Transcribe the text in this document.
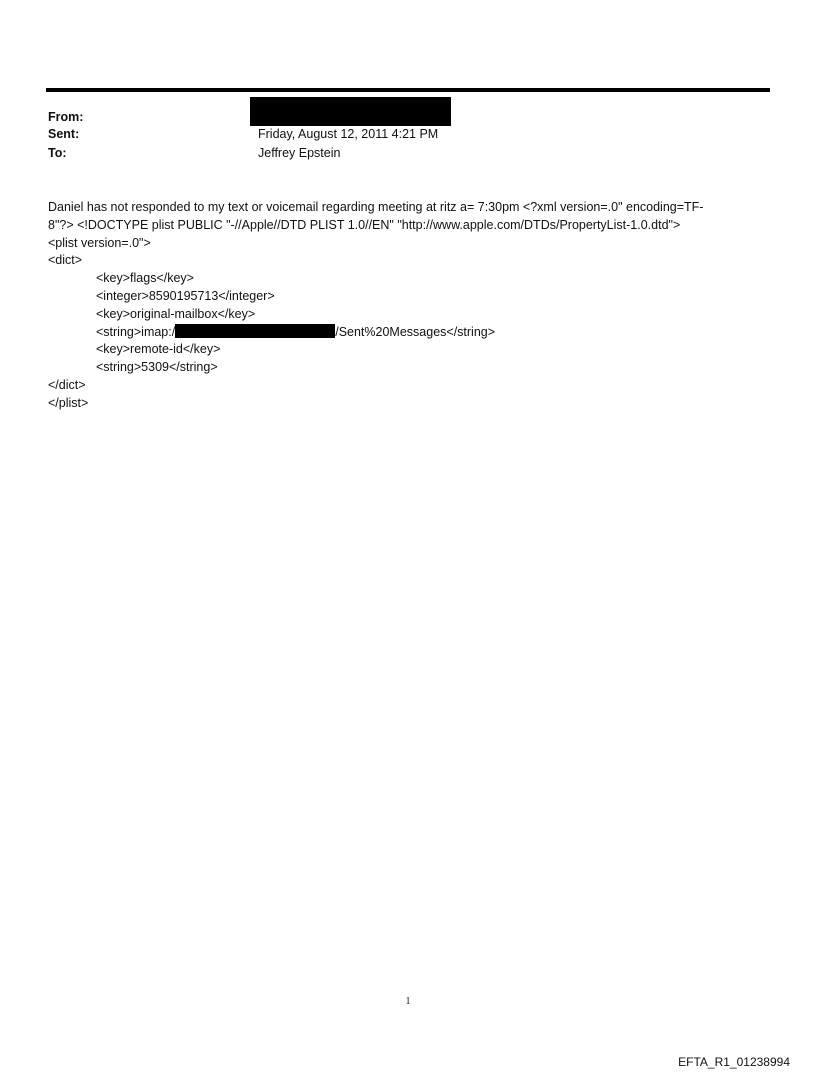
From:
Sent:	Friday, August 12, 2011 4:21 PM
To:	Jeffrey Epstein
Daniel has not responded to my text or voicemail regarding meeting at ritz a= 7:30pm <?xml version=.0" encoding=TF-
8"?> <!DOCTYPE plist PUBLIC "-//Apple//DTD PLIST 1.0//EN" "http://www.apple.com/DTDs/PropertyList-1.0.dtd">
<plist version=.0">
<dict>
<key>flags</key>
<integer>8590195713</integer>
<key>original-mailbox</key>
<string>imap:/	/Sent%20Messages</string>
<key>remote-id</key>
<string>5309</string>
</dict>
</plist>
1
EFTA_R1_01238994
